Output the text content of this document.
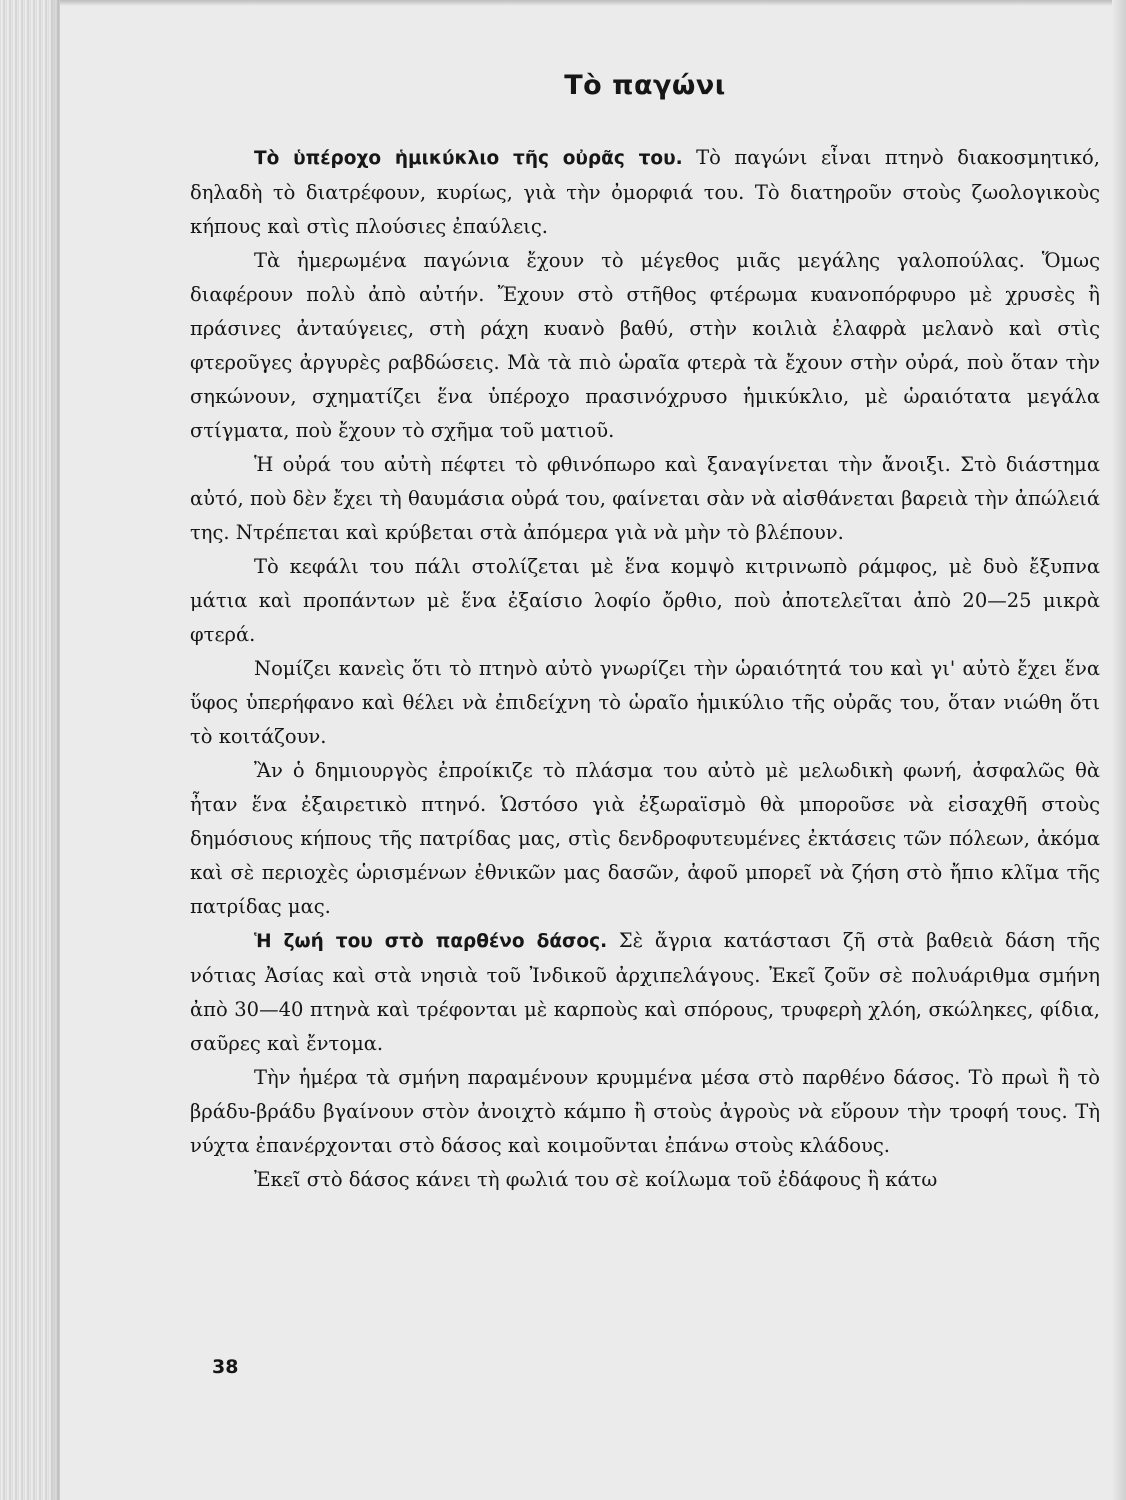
Τὸ παγώνι

Τὸ ὑπέροχο ἡμικύκλιο τῆς οὐρᾶς του. Τὸ παγώνι εἶναι πτηνὸ διακοσμητικό, δηλαδὴ τὸ διατρέφουν, κυρίως, γιὰ τὴν ὀμορφιά του. Τὸ διατηροῦν στοὺς ζωολογικοὺς κήπους καὶ στὶς πλούσιες ἐπαύλεις.

Τὰ ἡμερωμένα παγώνια ἔχουν τὸ μέγεθος μιᾶς μεγάλης γαλοπούλας. Ὅμως διαφέρουν πολὺ ἀπὸ αὐτήν. Ἔχουν στὸ στῆθος φτέρωμα κυανοπόρφυρο μὲ χρυσὲς ἢ πράσινες ἀνταύγειες, στὴ ράχη κυανὸ βαθύ, στὴν κοιλιὰ ἐλαφρὰ μελανὸ καὶ στὶς φτεροῦγες ἀργυρὲς ραβδώσεις. Μὰ τὰ πιὸ ὡραῖα φτερὰ τὰ ἔχουν στὴν οὐρά, ποὺ ὅταν τὴν σηκώνουν, σχηματίζει ἕνα ὑπέροχο πρασινόχρυσο ἡμικύκλιο, μὲ ὡραιότατα μεγάλα στίγματα, ποὺ ἔχουν τὸ σχῆμα τοῦ ματιοῦ.

Ἡ οὐρά του αὐτὴ πέφτει τὸ φθινόπωρο καὶ ξαναγίνεται τὴν ἄνοιξι. Στὸ διάστημα αὐτό, ποὺ δὲν ἔχει τὴ θαυμάσια οὐρά του, φαίνεται σὰν νὰ αἰσθάνεται βαρειὰ τὴν ἀπώλειά της. Ντρέπεται καὶ κρύβεται στὰ ἀπόμερα γιὰ νὰ μὴν τὸ βλέπουν.

Τὸ κεφάλι του πάλι στολίζεται μὲ ἕνα κομψὸ κιτρινωπὸ ράμφος, μὲ δυὸ ἔξυπνα μάτια καὶ προπάντων μὲ ἕνα ἐξαίσιο λοφίο ὄρθιο, ποὺ ἀποτελεῖται ἀπὸ 20—25 μικρὰ φτερά.

Νομίζει κανεὶς ὅτι τὸ πτηνὸ αὐτὸ γνωρίζει τὴν ὡραιότητά του καὶ γι' αὐτὸ ἔχει ἕνα ὕφος ὑπερήφανο καὶ θέλει νὰ ἐπιδείχνη τὸ ὡραῖο ἡμικύλιο τῆς οὐρᾶς του, ὅταν νιώθη ὅτι τὸ κοιτάζουν.

Ἂν ὁ δημιουργὸς ἐπροίκιζε τὸ πλάσμα του αὐτὸ μὲ μελωδικὴ φωνή, ἀσφαλῶς θὰ ἦταν ἕνα ἐξαιρετικὸ πτηνό. Ὡστόσο γιὰ ἐξωραϊσμὸ θὰ μποροῦσε νὰ εἰσαχθῆ στοὺς δημόσιους κήπους τῆς πατρίδας μας, στὶς δενδροφυτευμένες ἐκτάσεις τῶν πόλεων, ἀκόμα καὶ σὲ περιοχὲς ὡρισμένων ἐθνικῶν μας δασῶν, ἀφοῦ μπορεῖ νὰ ζήση στὸ ἤπιο κλῖμα τῆς πατρίδας μας.

Ἡ ζωή του στὸ παρθένο δάσος. Σὲ ἄγρια κατάστασι ζῆ στὰ βαθειὰ δάση τῆς νότιας Ἀσίας καὶ στὰ νησιὰ τοῦ Ἰνδικοῦ ἀρχιπελάγους. Ἐκεῖ ζοῦν σὲ πολυάριθμα σμήνη ἀπὸ 30—40 πτηνὰ καὶ τρέφονται μὲ καρποὺς καὶ σπόρους, τρυφερὴ χλόη, σκώληκες, φίδια, σαῦρες καὶ ἔντομα.

Τὴν ἡμέρα τὰ σμήνη παραμένουν κρυμμένα μέσα στὸ παρθένο δάσος. Τὸ πρωὶ ἢ τὸ βράδυ-βράδυ βγαίνουν στὸν ἀνοιχτὸ κάμπο ἢ στοὺς ἀγροὺς νὰ εὕρουν τὴν τροφή τους. Τὴ νύχτα ἐπανέρχονται στὸ δάσος καὶ κοιμοῦνται ἐπάνω στοὺς κλάδους.

Ἐκεῖ στὸ δάσος κάνει τὴ φωλιά του σὲ κοίλωμα τοῦ ἐδάφους ἢ κάτω

38
